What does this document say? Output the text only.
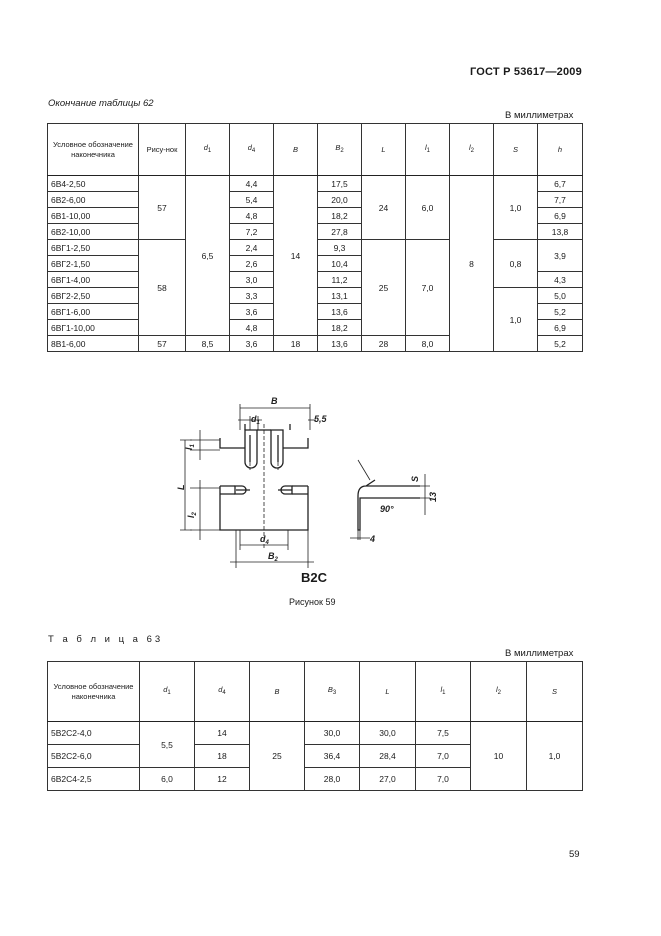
ГОСТ Р 53617—2009
Окончание таблицы 62
В миллиметрах
Условное обозначение наконечника	Рису-нок	$d_1$	$d_4$	B	$B_2$	L	$l_1$	$l_2$	S	h
6В4-2,50	57	6,5	4,4	14	17,5	24	6,0	8	1,0	6,7
6В2-6,00			5,4		20,0					7,7
6В1-10,00			4,8		18,2					6,9
6В2-10,00			7,2		27,8					13,8
6ВГ1-2,50	58		2,4		9,3	25	7,0		0,8	3,9
6ВГ2-1,50			2,6		10,4					
6ВГ1-4,00			3,0		11,2					4,3
6ВГ2-2,50			3,3		13,1				1,0	5,0
6ВГ1-6,00			3,6		13,6					5,2
6ВГ1-10,00			4,8		18,2					6,9
8В1-6,00	57	8,5	3,6	18	13,6	28	8,0			5,2
B
$d_1$	5,5
$l_1$
L
$l_2$
$d_4$
$B_2$
S
90°
13
4
В2С
Рисунок 59
Т а б л и ц а 63
В миллиметрах
Условное обозначение наконечника	$d_1$	$d_4$	B	$B_3$	L	$l_1$	$l_2$	S
5В2С2-4,0	5,5	14	25	30,0	30,0	7,5	10	1,0
5В2С2-6,0		18		36,4	28,4	7,0		
6В2С4-2,5	6,0	12		28,0	27,0	7,0		
59
